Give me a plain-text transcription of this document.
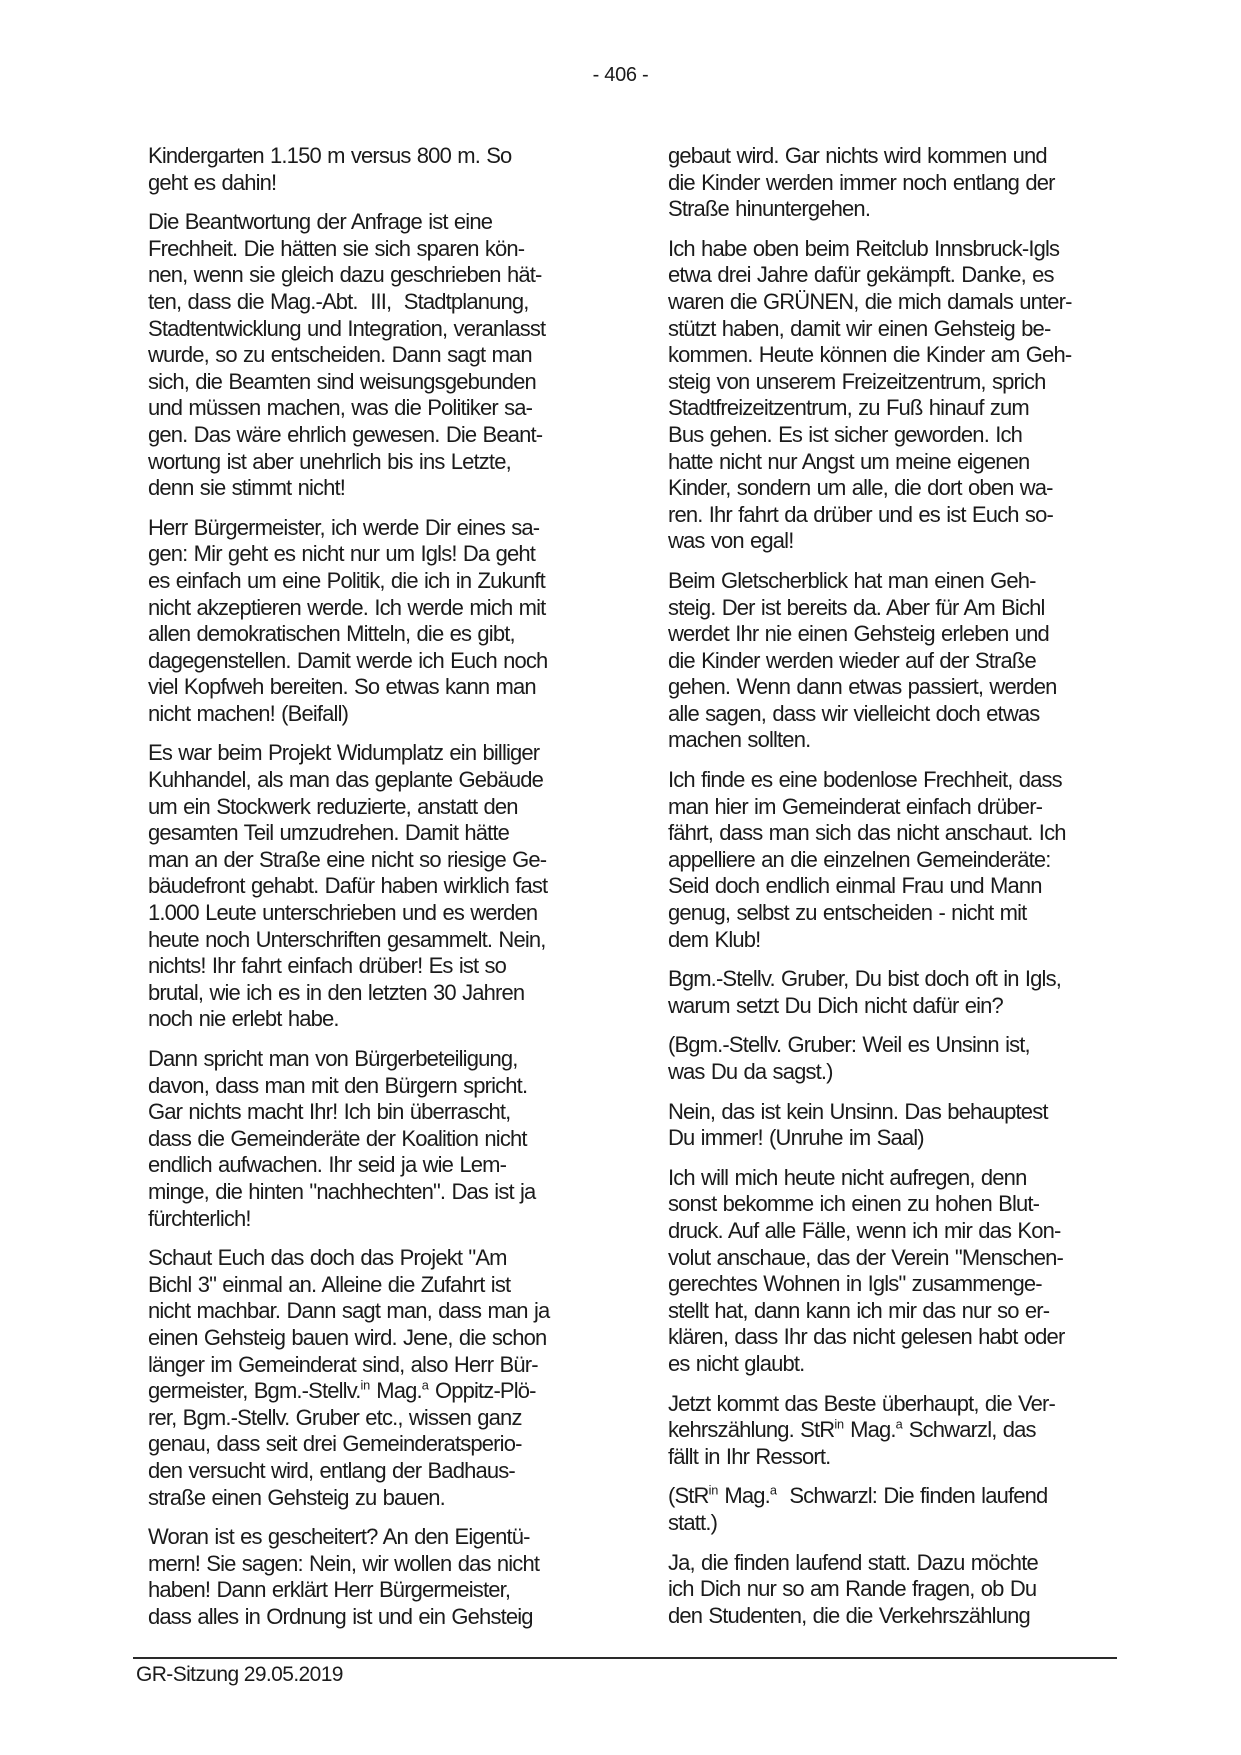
- 406 -
Kindergarten 1.150 m versus 800 m. So
geht es dahin!
Die Beantwortung der Anfrage ist eine
Frechheit. Die hätten sie sich sparen kön-
nen, wenn sie gleich dazu geschrieben hät-
ten, dass die Mag.-Abt.  III,  Stadtplanung,
Stadtentwicklung und Integration, veranlasst
wurde, so zu entscheiden. Dann sagt man
sich, die Beamten sind weisungsgebunden
und müssen machen, was die Politiker sa-
gen. Das wäre ehrlich gewesen. Die Beant-
wortung ist aber unehrlich bis ins Letzte,
denn sie stimmt nicht!
Herr Bürgermeister, ich werde Dir eines sa-
gen: Mir geht es nicht nur um Igls! Da geht
es einfach um eine Politik, die ich in Zukunft
nicht akzeptieren werde. Ich werde mich mit
allen demokratischen Mitteln, die es gibt,
dagegenstellen. Damit werde ich Euch noch
viel Kopfweh bereiten. So etwas kann man
nicht machen! (Beifall)
Es war beim Projekt Widumplatz ein billiger
Kuhhandel, als man das geplante Gebäude
um ein Stockwerk reduzierte, anstatt den
gesamten Teil umzudrehen. Damit hätte
man an der Straße eine nicht so riesige Ge-
bäudefront gehabt. Dafür haben wirklich fast
1.000 Leute unterschrieben und es werden
heute noch Unterschriften gesammelt. Nein,
nichts! Ihr fahrt einfach drüber! Es ist so
brutal, wie ich es in den letzten 30 Jahren
noch nie erlebt habe.
Dann spricht man von Bürgerbeteiligung,
davon, dass man mit den Bürgern spricht.
Gar nichts macht Ihr! Ich bin überrascht,
dass die Gemeinderäte der Koalition nicht
endlich aufwachen. Ihr seid ja wie Lem-
minge, die hinten "nachhechten". Das ist ja
fürchterlich!
Schaut Euch das doch das Projekt "Am
Bichl 3" einmal an. Alleine die Zufahrt ist
nicht machbar. Dann sagt man, dass man ja
einen Gehsteig bauen wird. Jene, die schon
länger im Gemeinderat sind, also Herr Bür-
germeister, Bgm.-Stellv.$^{in}$ Mag.$^a$ Oppitz-Plö-
rer, Bgm.-Stellv. Gruber etc., wissen ganz
genau, dass seit drei Gemeinderatsperio-
den versucht wird, entlang der Badhaus-
straße einen Gehsteig zu bauen.
Woran ist es gescheitert? An den Eigentü-
mern! Sie sagen: Nein, wir wollen das nicht
haben! Dann erklärt Herr Bürgermeister,
dass alles in Ordnung ist und ein Gehsteig
gebaut wird. Gar nichts wird kommen und
die Kinder werden immer noch entlang der
Straße hinuntergehen.
Ich habe oben beim Reitclub Innsbruck-Igls
etwa drei Jahre dafür gekämpft. Danke, es
waren die GRÜNEN, die mich damals unter-
stützt haben, damit wir einen Gehsteig be-
kommen. Heute können die Kinder am Geh-
steig von unserem Freizeitzentrum, sprich
Stadtfreizeitzentrum, zu Fuß hinauf zum
Bus gehen. Es ist sicher geworden. Ich
hatte nicht nur Angst um meine eigenen
Kinder, sondern um alle, die dort oben wa-
ren. Ihr fahrt da drüber und es ist Euch so-
was von egal!
Beim Gletscherblick hat man einen Geh-
steig. Der ist bereits da. Aber für Am Bichl
werdet Ihr nie einen Gehsteig erleben und
die Kinder werden wieder auf der Straße
gehen. Wenn dann etwas passiert, werden
alle sagen, dass wir vielleicht doch etwas
machen sollten.
Ich finde es eine bodenlose Frechheit, dass
man hier im Gemeinderat einfach drüber-
fährt, dass man sich das nicht anschaut. Ich
appelliere an die einzelnen Gemeinderäte:
Seid doch endlich einmal Frau und Mann
genug, selbst zu entscheiden - nicht mit
dem Klub!
Bgm.-Stellv. Gruber, Du bist doch oft in Igls,
warum setzt Du Dich nicht dafür ein?
(Bgm.-Stellv. Gruber: Weil es Unsinn ist,
was Du da sagst.)
Nein, das ist kein Unsinn. Das behauptest
Du immer! (Unruhe im Saal)
Ich will mich heute nicht aufregen, denn
sonst bekomme ich einen zu hohen Blut-
druck. Auf alle Fälle, wenn ich mir das Kon-
volut anschaue, das der Verein "Menschen-
gerechtes Wohnen in Igls" zusammenge-
stellt hat, dann kann ich mir das nur so er-
klären, dass Ihr das nicht gelesen habt oder
es nicht glaubt.
Jetzt kommt das Beste überhaupt, die Ver-
kehrszählung. StR$^{in}$ Mag.$^a$ Schwarzl, das
fällt in Ihr Ressort.
(StR$^{in}$ Mag.$^a$  Schwarzl: Die finden laufend
statt.)
Ja, die finden laufend statt. Dazu möchte
ich Dich nur so am Rande fragen, ob Du
den Studenten, die die Verkehrszählung
GR-Sitzung 29.05.2019
